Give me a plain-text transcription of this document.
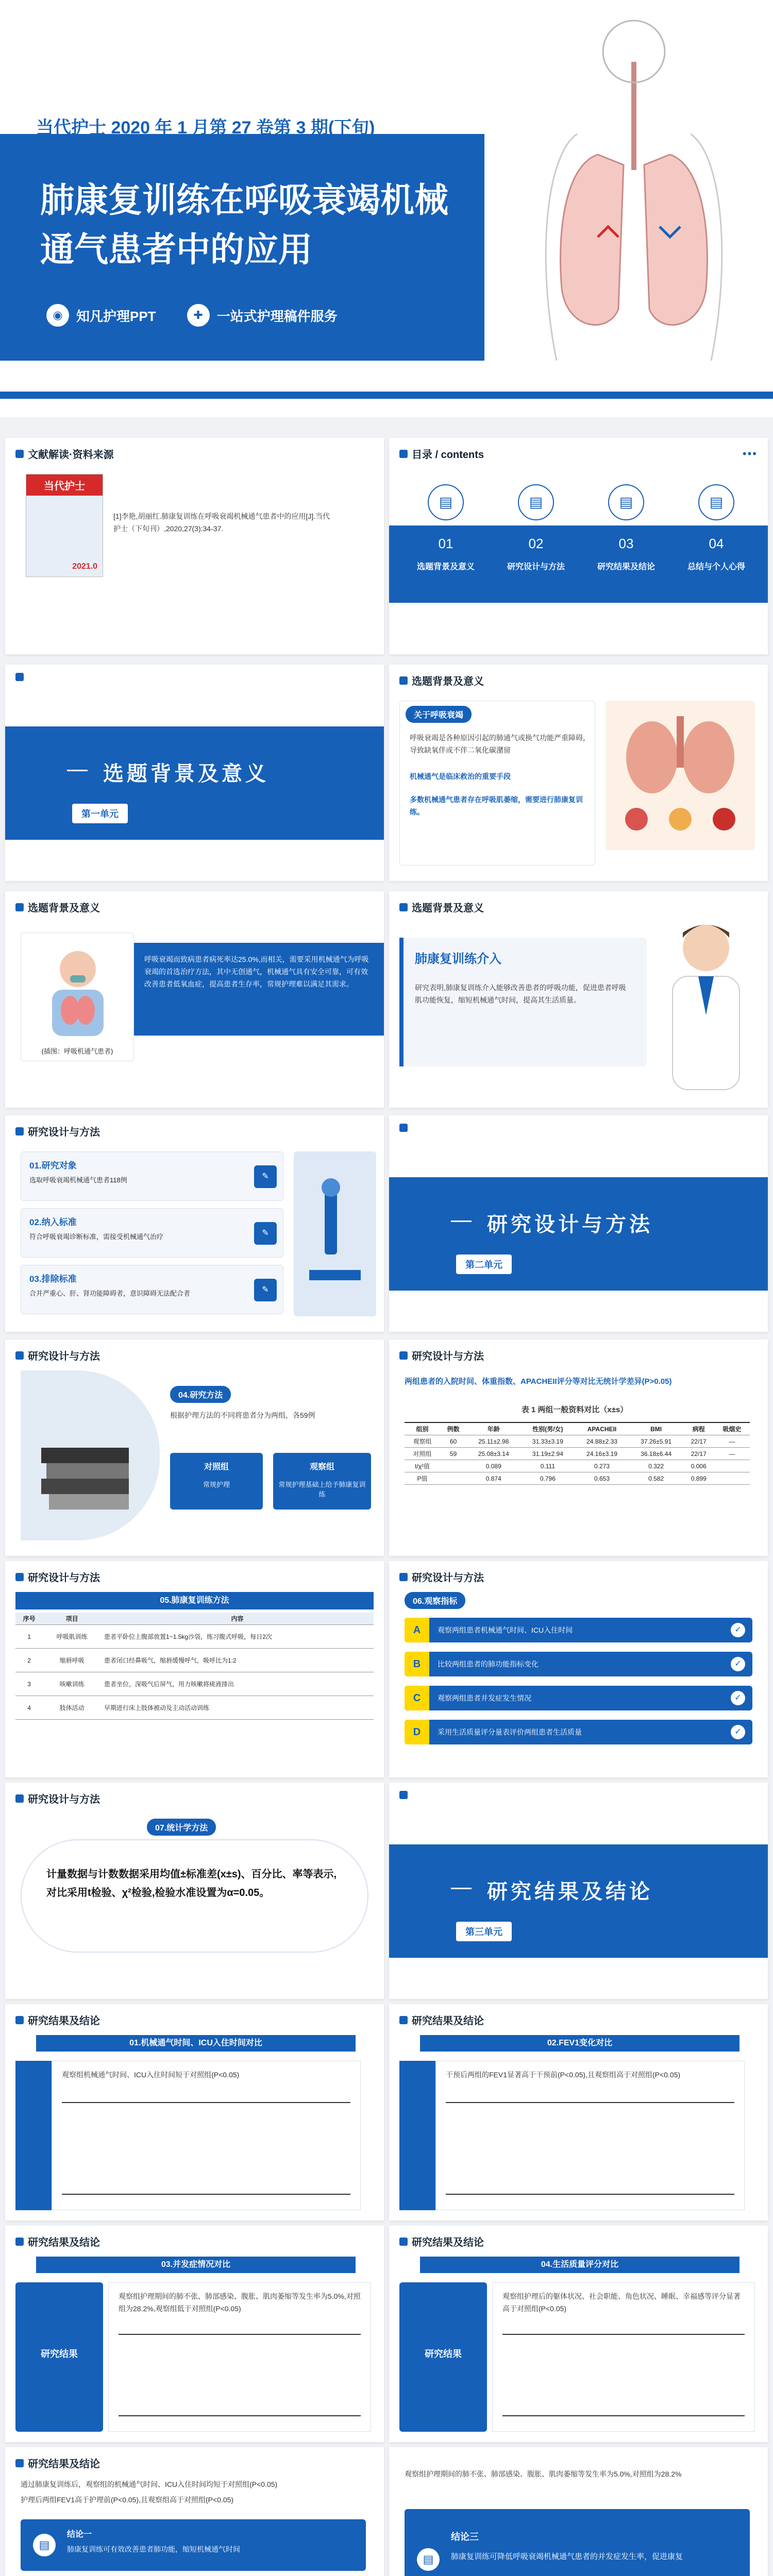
当代护士 2020 年 1 月第 27 卷第 3 期(下旬)
肺康复训练在呼吸衰竭机械
通气患者中的应用
◉	知凡护理PPT	✚	一站式护理稿件服务
文献解读·资料来源
当代护士
2021.0
[1]李艳,胡丽红.肺康复训练在呼吸衰竭机械通气患者中的应用[J].当代护士（下旬刊）,2020,27(3):34-37.
目录 / contents	•••
▤
01
选题背景及意义
▤
02
研究设计与方法
▤
03
研究结果及结论
▤
04
总结与个人心得
选题背景及意义
第一单元
选题背景及意义
关于呼吸衰竭
呼吸衰竭是各种原因引起的肺通气或换气功能严重障碍，导致缺氧伴或不伴二氧化碳潴留
机械通气是临床救治的重要手段
多数机械通气患者存在呼吸肌萎缩，需要进行肺康复训练。
选题背景及意义
(插图：呼吸机通气患者)
呼吸衰竭而致病患者病死率达25.0%,而相关，需要采用机械通气为呼吸衰竭的首选治疗方法，其中无创通气，机械通气具有安全可靠，可有效改善患者低氧血症，提高患者生存率，常规护理难以满足其需求。
选题背景及意义
肺康复训练介入
研究表明,肺康复训练介入能够改善患者的呼吸功能，促进患者呼吸肌功能恢复，缩短机械通气时间，提高其生活质量。
研究设计与方法
01.研究对象
选取呼吸衰竭机械通气患者118例	✎
02.纳入标准
符合呼吸衰竭诊断标准，需接受机械通气治疗	✎
03.排除标准
合并严重心、肝、肾功能障碍者，意识障碍无法配合者	✎
研究设计与方法
第二单元
研究设计与方法
04.研究方法
根据护理方法的不同将患者分为两组，各59例
对照组
常规护理
观察组
常规护理基础上给予肺康复训练
研究设计与方法
两组患者的入院时间、体重指数、APACHEII评分等对比无统计学差异(P>0.05)
表 1 两组一般资料对比（x±s）
组别	例数	年龄	性别(男/女)	APACHEII	BMI	病程	吸烟史
观察组	60	25.11±2.98	31.33±3.19	24.88±2.33	37.26±5.91	22/17	—
对照组	59	25.08±3.14	31.19±2.94	24.16±3.19	36.18±6.44	22/17	—
t/χ²值		0.089	0.111	0.273	0.322	0.006	
P值		0.874	0.796	0.653	0.582	0.899	
研究设计与方法
05.肺康复训练方法
序号	项目	内容
1	呼吸肌训练	患者平卧位上腹部放置1~1.5kg沙袋，练习腹式呼吸，每日2次
2	缩唇呼吸	患者闭口经鼻吸气，缩唇缓慢呼气，吸呼比为1:2
3	咳嗽训练	患者坐位，深吸气后屏气，用力咳嗽将痰液排出
4	肢体活动	早期进行床上肢体被动及主动活动训练
研究设计与方法
06.观察指标
A	观察两组患者机械通气时间、ICU入住时间	✓
B	比较两组患者的肺功能指标变化	✓
C	观察两组患者并发症发生情况	✓
D	采用生活质量评分量表评价两组患者生活质量	✓
研究设计与方法
07.统计学方法
计量数据与计数数据采用均值±标准差(x±s)、百分比、率等表示,对比采用t检验、χ²检验,检验水准设置为α=0.05。	研究结果及结论
第三单元
研究结果及结论
01.机械通气时间、ICU入住时间对比
观察组机械通气时间、ICU入住时间短于对照组(P<0.05)
研究结果及结论
02.FEV1变化对比
干预后两组的FEV1显著高于干预前(P<0.05),且观察组高于对照组(P<0.05)
研究结果及结论
03.并发症情况对比
研究结果
观察组护理期间的肺不张、肺部感染、腹胀、肌肉萎缩等发生率为5.0%,对照组为28.2%,观察组低于对照组(P<0.05)
研究结果及结论
04.生活质量评分对比
研究结果
观察组护理后的躯体状况、社会职能、角色状况、睡眠、幸福感等评分显著高于对照组(P<0.05)
研究结果及结论
通过肺康复训练后，观察组的机械通气时间、ICU入住时间均短于对照组(P<0.05)
护理后两组FEV1高于护理前(P<0.05),且观察组高于对照组(P<0.05)
结论一
肺康复训练可有效改善患者肺功能，缩短机械通气时间
▤
观察组护理期间的肺不张、肺部感染、腹胀、肌肉萎缩等发生率为5.0%,对照组为28.2%
结论三
肺康复训练可降低呼吸衰竭机械通气患者的并发症发生率，促进康复
▤
